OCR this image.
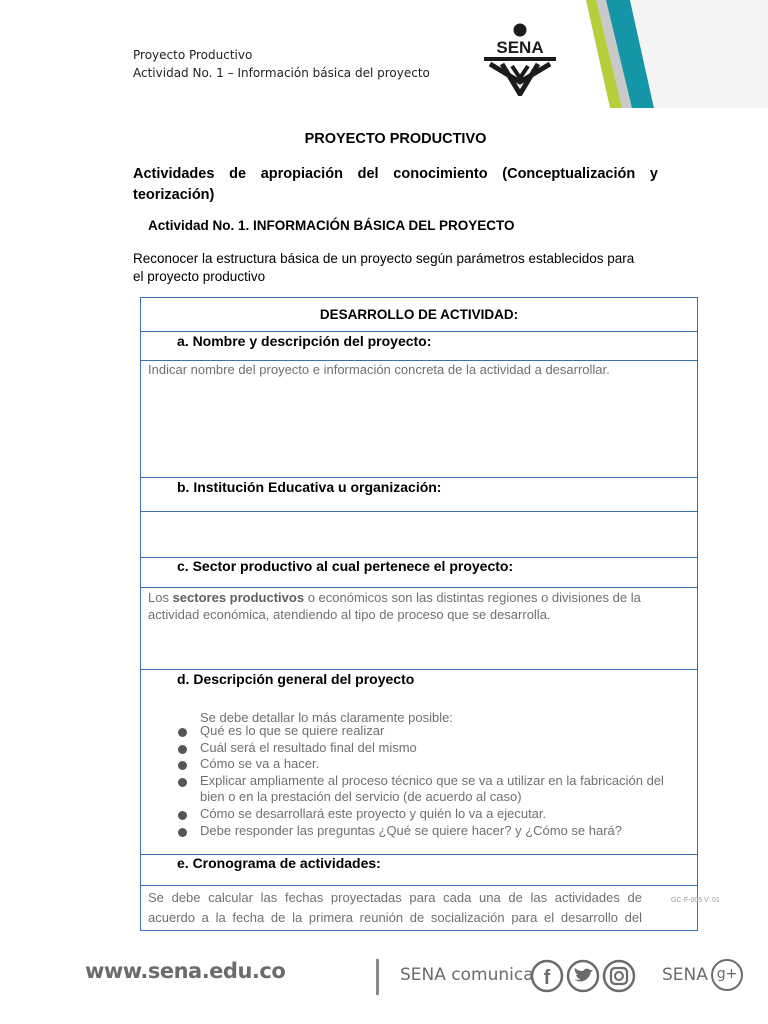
Proyecto Productivo
Actividad No. 1 – Información básica del proyecto
SENA
PROYECTO PRODUCTIVO
Actividades de apropiación del conocimiento (Conceptualización y
teorización)
Actividad No. 1. INFORMACIÓN BÁSICA DEL PROYECTO
Reconocer la estructura básica de un proyecto según parámetros establecidos para
el proyecto productivo
DESARROLLO DE ACTIVIDAD:
a. Nombre y descripción del proyecto:
Indicar nombre del proyecto e información concreta de la actividad a desarrollar.
b. Institución Educativa u organización:
c. Sector productivo al cual pertenece el proyecto:
Los sectores productivos o económicos son las distintas regiones o divisiones de la
actividad económica, atendiendo al tipo de proceso que se desarrolla.
d. Descripción general del proyecto
Se debe detallar lo más claramente posible:
e. Cronograma de actividades:
Se debe calcular las fechas proyectadas para cada una de las actividades de
acuerdo a la fecha de la primera reunión de socialización para el desarrollo del
Qué es lo que se quiere realizar
Cuál será el resultado final del mismo
Cómo se va a hacer.
Explicar ampliamente al proceso técnico que se va a utilizar en la fabricación del bien o en la prestación del servicio (de acuerdo al caso)
Cómo se desarrollará este proyecto y quién lo va a ejecutar.
Debe responder las preguntas ¿Qué se quiere hacer? y ¿Cómo se hará?
GC-F-005 V. 01
www.sena.edu.co	SENA comunica f	SENA g+
